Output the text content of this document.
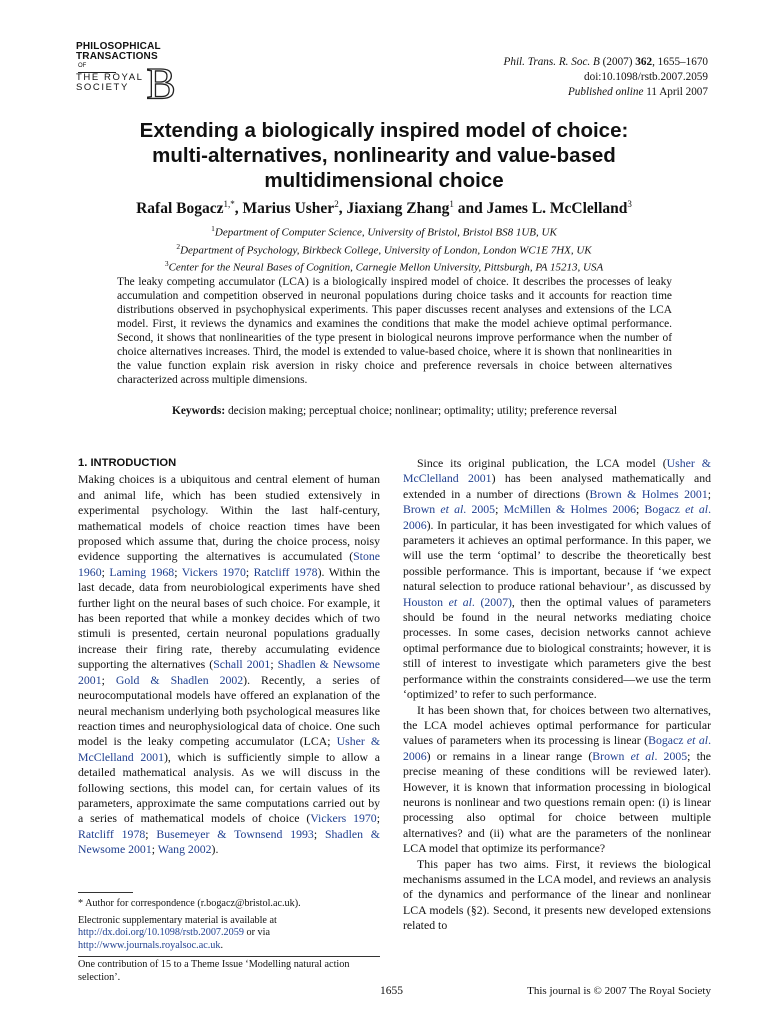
PHILOSOPHICAL
TRANSACTIONS
OF
THE ROYAL
SOCIETY B	Phil. Trans. R. Soc. B (2007) 362, 1655–1670
doi:10.1098/rstb.2007.2059
Published online 11 April 2007
Extending a biologically inspired model of choice:
multi-alternatives, nonlinearity and value-based
multidimensional choice
Rafal Bogacz$^{1,*}$, Marius Usher$^2$, Jiaxiang Zhang$^1$ and James L. McClelland$^3$
$^1$Department of Computer Science, University of Bristol, Bristol BS8 1UB, UK
$^2$Department of Psychology, Birkbeck College, University of London, London WC1E 7HX, UK
$^3$Center for the Neural Bases of Cognition, Carnegie Mellon University, Pittsburgh, PA 15213, USA
The leaky competing accumulator (LCA) is a biologically inspired model of choice. It describes the processes of leaky accumulation and competition observed in neuronal populations during choice tasks and it accounts for reaction time distributions observed in psychophysical experiments. This paper discusses recent analyses and extensions of the LCA model. First, it reviews the dynamics and examines the conditions that make the model achieve optimal performance. Second, it shows that nonlinearities of the type present in biological neurons improve performance when the number of choice alternatives increases. Third, the model is extended to value-based choice, where it is shown that nonlinearities in the value function explain risk aversion in risky choice and preference reversals in choice between alternatives characterized across multiple dimensions.
Keywords: decision making; perceptual choice; nonlinear; optimality; utility; preference reversal
1. INTRODUCTION

Making choices is a ubiquitous and central element of human and animal life, which has been studied extensively in experimental psychology. Within the last half-century, mathematical models of choice reaction times have been proposed which assume that, during the choice process, noisy evidence supporting the alternatives is accumulated (Stone 1960; Laming 1968; Vickers 1970; Ratcliff 1978). Within the last decade, data from neurobiological experiments have shed further light on the neural bases of such choice. For example, it has been reported that while a monkey decides which of two stimuli is presented, certain neuronal populations gradually increase their firing rate, thereby accumulating evidence supporting the alternatives (Schall 2001; Shadlen & Newsome 2001; Gold & Shadlen 2002). Recently, a series of neurocomputational models have offered an explanation of the neural mechanism underlying both psychological measures like reaction times and neurophysiological data of choice. One such model is the leaky competing accumulator (LCA; Usher & McClelland 2001), which is sufficiently simple to allow a detailed mathematical analysis. As we will discuss in the following sections, this model can, for certain values of its parameters, approximate the same computations carried out by a series of mathematical models of choice (Vickers 1970; Ratcliff 1978; Busemeyer & Townsend 1993; Shadlen & Newsome 2001; Wang 2002).

Since its original publication, the LCA model (Usher & McClelland 2001) has been analysed mathematically and extended in a number of directions (Brown & Holmes 2001; Brown et al. 2005; McMillen & Holmes 2006; Bogacz et al. 2006). In particular, it has been investigated for which values of parameters it achieves an optimal performance. In this paper, we will use the term ‘optimal’ to describe the theoretically best possible performance. This is important, because if ‘we expect natural selection to produce rational behaviour’, as discussed by Houston et al. (2007), then the optimal values of parameters should be found in the neural networks mediating choice processes. In some cases, decision networks cannot achieve optimal performance due to biological constraints; however, it is still of interest to investigate which parameters give the best performance within the constraints considered—we use the term ‘optimized’ to refer to such performance.

It has been shown that, for choices between two alternatives, the LCA model achieves optimal performance for particular values of parameters when its processing is linear (Bogacz et al. 2006) or remains in a linear range (Brown et al. 2005; the precise meaning of these conditions will be reviewed later). However, it is known that information processing in biological neurons is nonlinear and two questions remain open: (i) is linear processing also optimal for choice between multiple alternatives? and (ii) what are the parameters of the nonlinear LCA model that optimize its performance?

This paper has two aims. First, it reviews the biological mechanisms assumed in the LCA model, and reviews an analysis of the dynamics and performance of the linear and nonlinear LCA models (§2). Second, it presents new developed extensions related to

* Author for correspondence (r.bogacz@bristol.ac.uk).

Electronic supplementary material is available at http://dx.doi.org/10.1098/rstb.2007.2059 or via http://www.journals.royalsoc.ac.uk.

One contribution of 15 to a Theme Issue ‘Modelling natural action selection’.

1655	This journal is © 2007 The Royal Society
